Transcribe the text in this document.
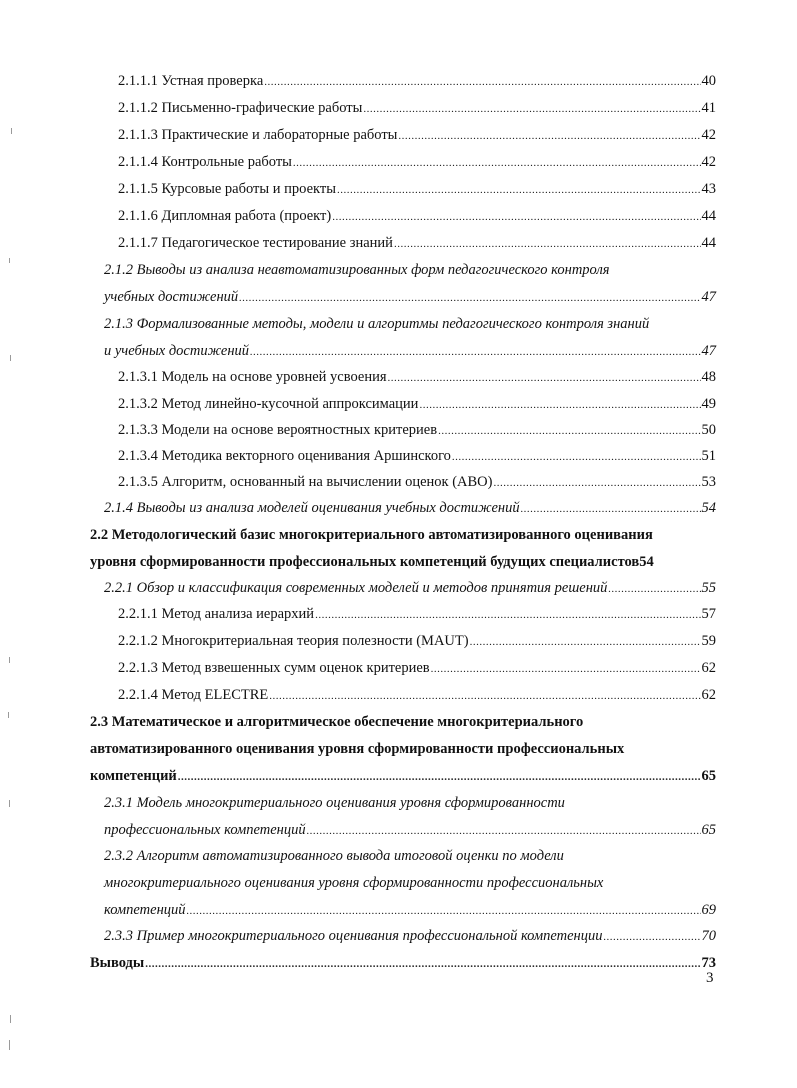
2.1.1.1 Устная проверка .....	40
2.1.1.2 Письменно-графические работы .....	41
2.1.1.3 Практические и лабораторные работы .....	42
2.1.1.4 Контрольные работы .....	42
2.1.1.5 Курсовые работы и проекты .....	43
2.1.1.6 Дипломная работа (проект) .....	44
2.1.1.7 Педагогическое тестирование знаний .....	44
2.1.2 Выводы из анализа неавтоматизированных форм педагогического контроля
учебных достижений .....	47
2.1.3 Формализованные методы, модели и алгоритмы педагогического контроля знаний
и учебных достижений .....	47
2.1.3.1 Модель на основе уровней усвоения .....	48
2.1.3.2 Метод линейно-кусочной аппроксимации .....	49
2.1.3.3 Модели на основе вероятностных критериев .....	50
2.1.3.4 Методика векторного оценивания Аршинского .....	51
2.1.3.5 Алгоритм, основанный на вычислении оценок (АВО) .....	53
2.1.4 Выводы из анализа моделей оценивания учебных достижений .....	54
2.2 Методологический базис многокритериального автоматизированного оценивания
уровня сформированности профессиональных компетенций будущих специалистов 54
2.2.1 Обзор и классификация современных моделей и методов принятия решений .....	55
2.2.1.1 Метод анализа иерархий .....	57
2.2.1.2 Многокритериальная теория полезности (MAUT) .....	59
2.2.1.3 Метод взвешенных сумм оценок критериев .....	62
2.2.1.4 Метод ELECTRE .....	62
2.3 Математическое и алгоритмическое обеспечение многокритериального
автоматизированного оценивания уровня сформированности профессиональных
компетенций .....	65
2.3.1 Модель многокритериального оценивания уровня сформированности
профессиональных компетенций .....	65
2.3.2 Алгоритм автоматизированного вывода итоговой оценки по модели
многокритериального оценивания уровня сформированности профессиональных
компетенций .....	69
2.3.3 Пример многокритериального оценивания профессиональной компетенции .....	70
Выводы .....	73
3
